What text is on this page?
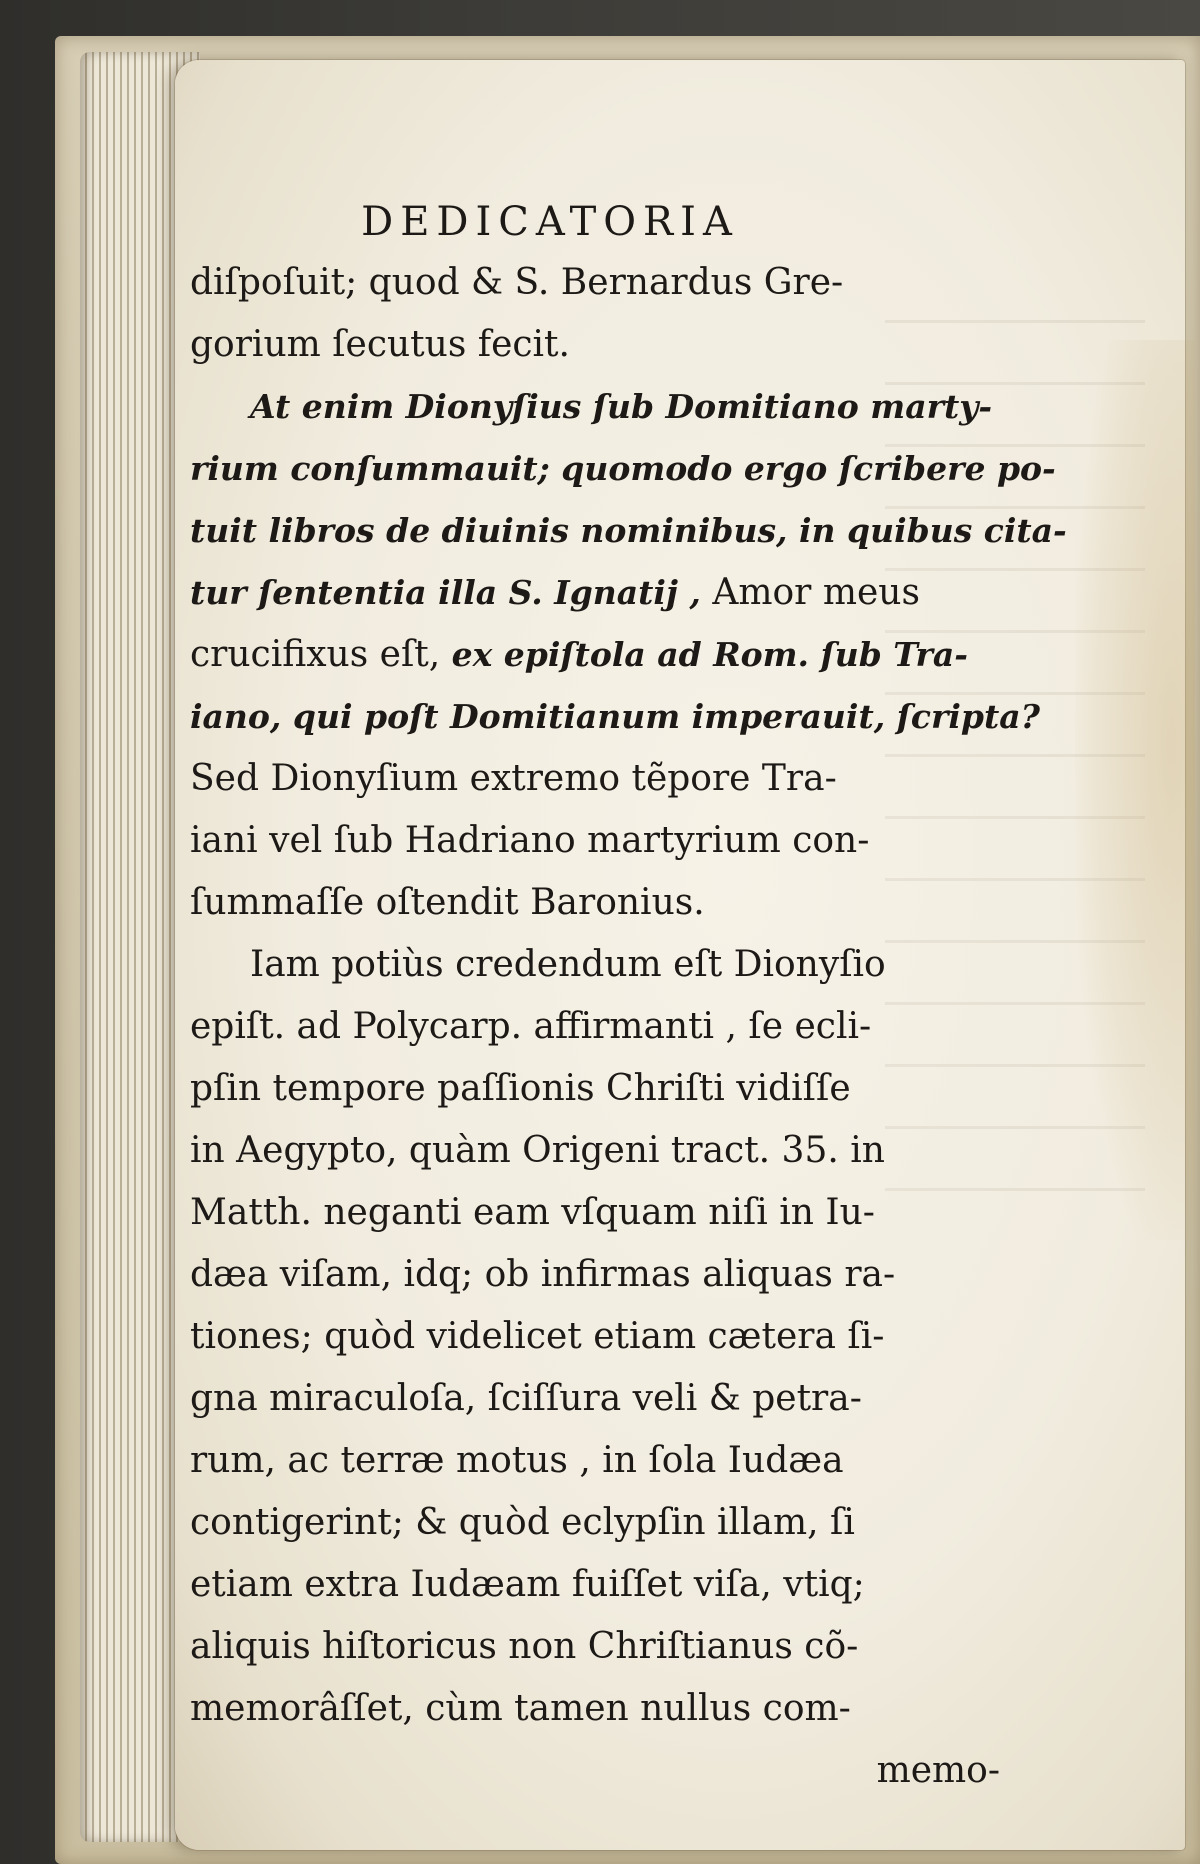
DEDICATORIA
diſpoſuit; quod & S. Bernardus Gre-
gorium ſecutus fecit.
At enim Dionyſius ſub Domitiano marty-
rium conſummauit; quomodo ergo ſcribere po-
tuit libros de diuinis nominibus, in quibus cita-
tur ſententia illa S. Ignatij , Amor meus
crucifixus eſt, ex epiſtola ad Rom. ſub Tra-
iano, qui poſt Domitianum imperauit, ſcripta?
Sed Dionyſium extremo tẽpore Tra-
iani vel ſub Hadriano martyrium con-
ſummaſſe oſtendit Baronius.
Iam potiùs credendum eſt Dionyſio
epiſt. ad Polycarp. affirmanti , ſe ecli-
pſin tempore paſſionis Chriſti vidiſſe
in Aegypto, quàm Origeni tract. 35. in
Matth. neganti eam vſquam niſi in Iu-
dæa viſam, idq; ob infirmas aliquas ra-
tiones; quòd videlicet etiam cætera ſi-
gna miraculoſa, ſciſſura veli & petra-
rum, ac terræ motus , in ſola Iudæa
contigerint; & quòd eclypſin illam, ſi
etiam extra Iudæam fuiſſet viſa, vtiq;
aliquis hiſtoricus non Chriſtianus cõ-
memorâſſet, cùm tamen nullus com-
memo-
